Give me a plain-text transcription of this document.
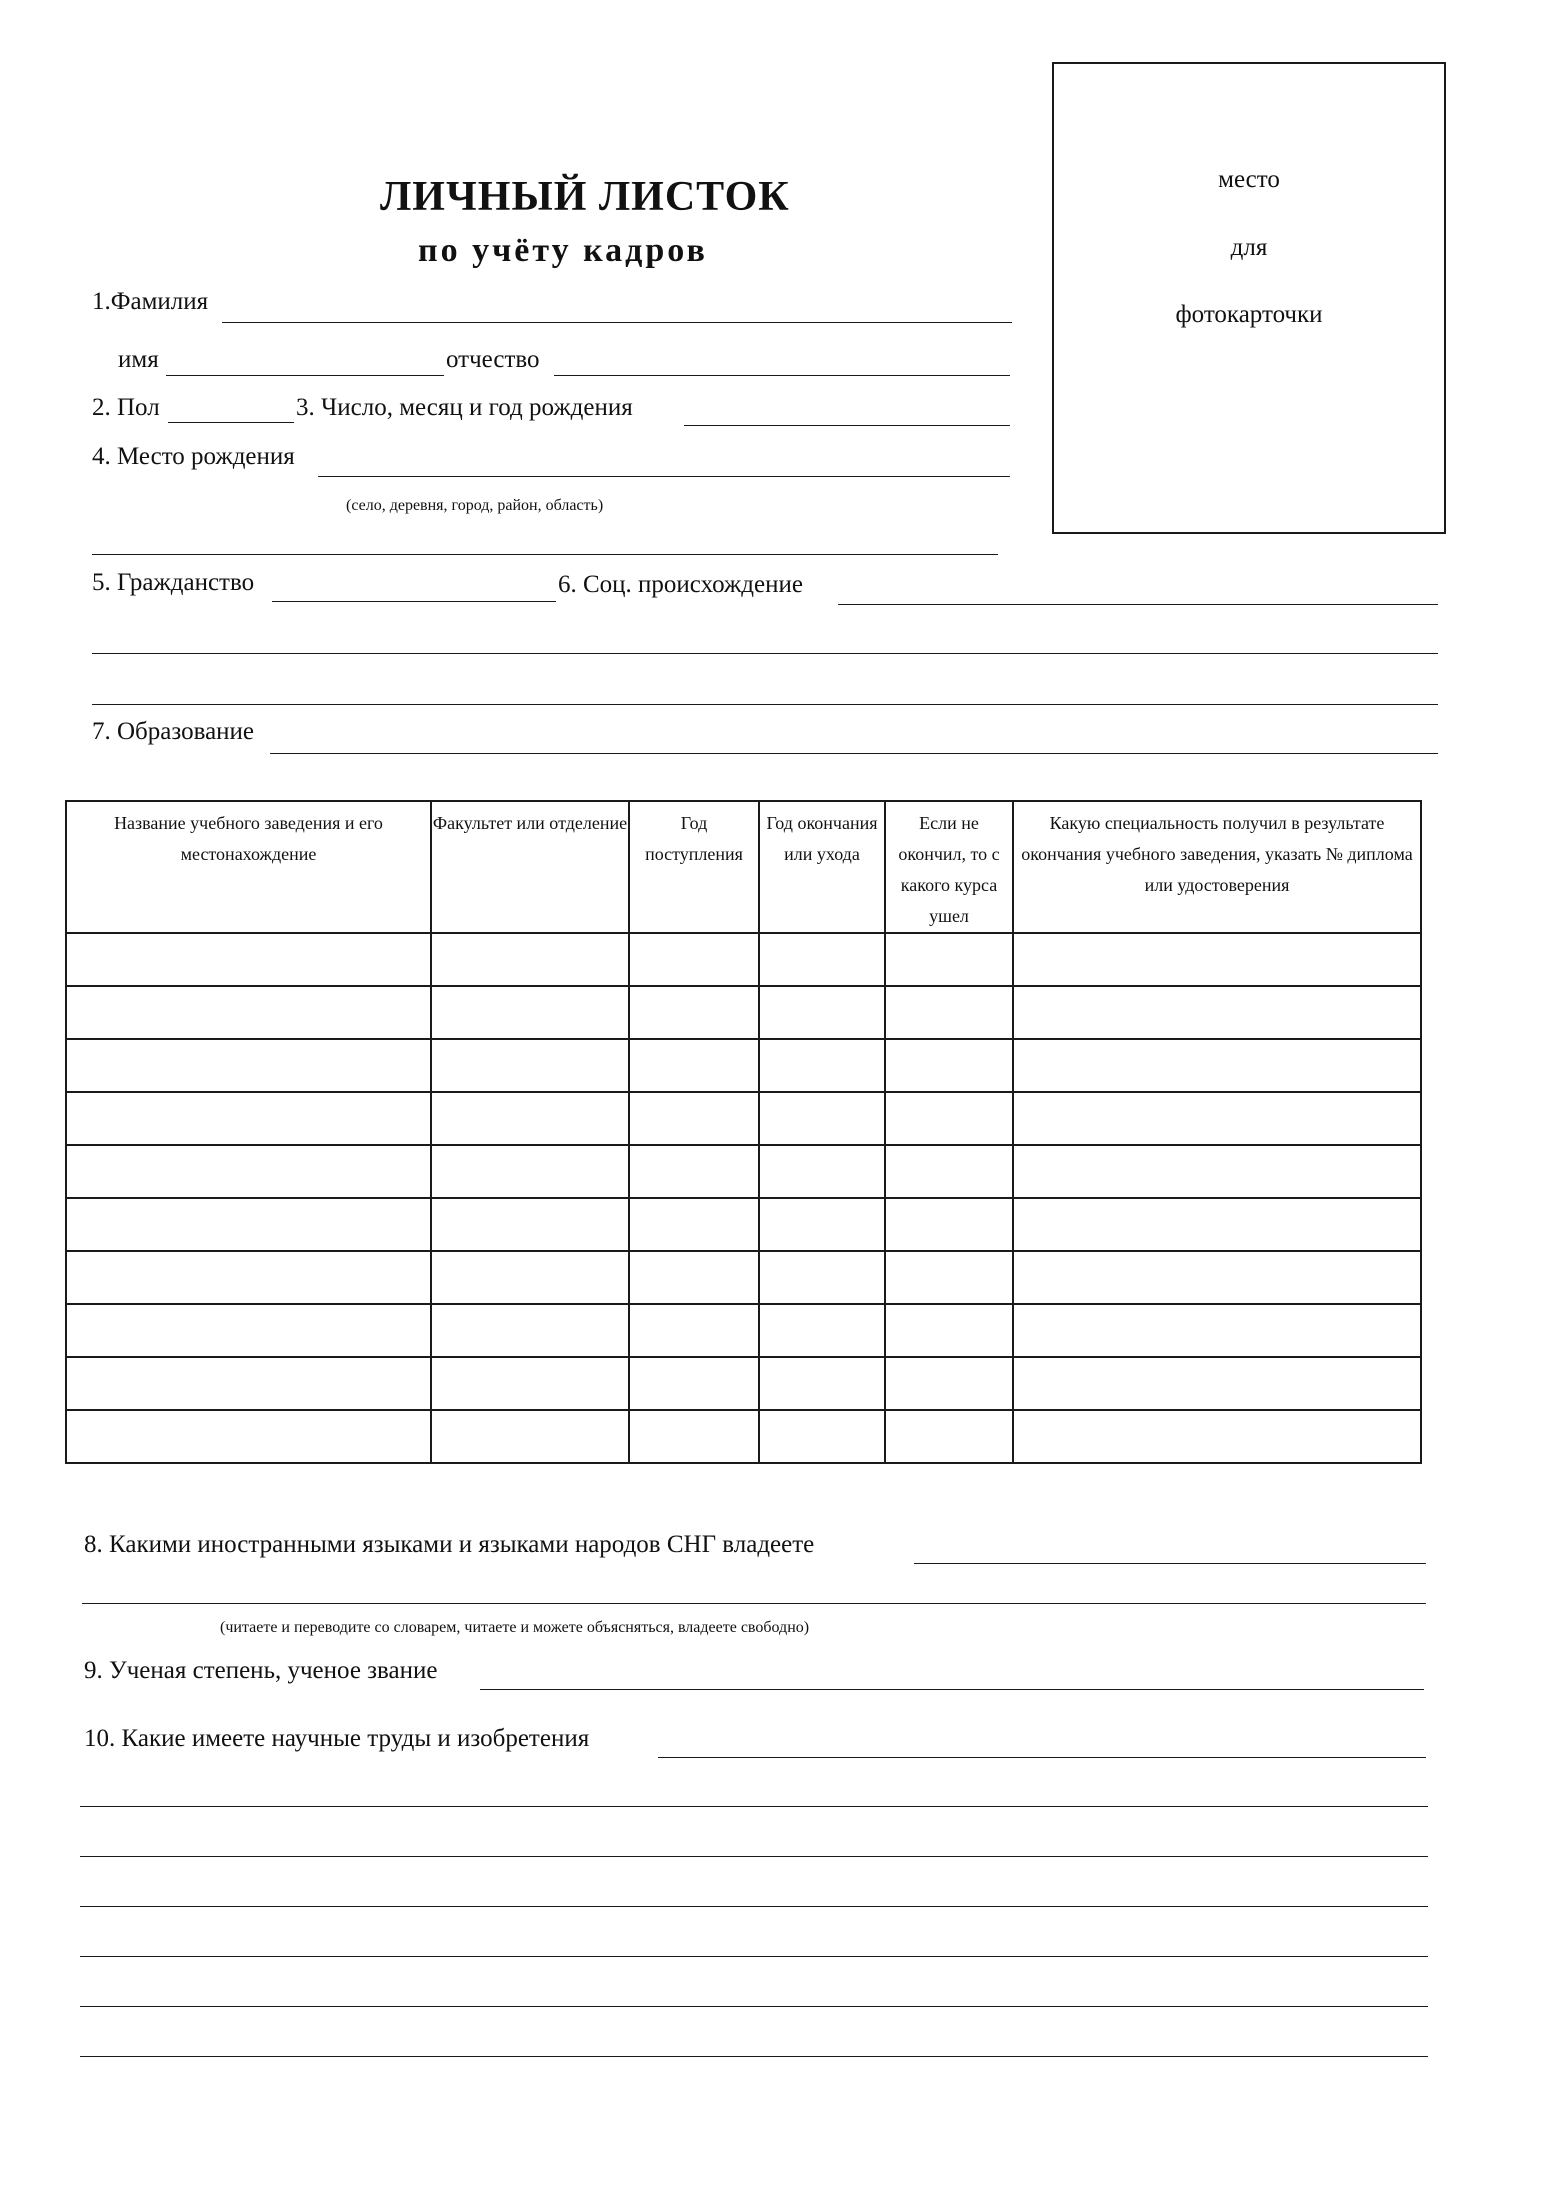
ЛИЧНЫЙ ЛИСТОК
по учёту кадров
место
для
фотокарточки
1.Фамилия
имя	отчество
2. Пол	3. Число, месяц и год рождения
4. Место рождения
(село, деревня, город, район, область)
5. Гражданство	6. Соц. происхождение
7. Образование
Название учебного заведения и его местонахождение	Факультет или отделение	Год поступления	Год окончания или ухода	Если не окончил, то с какого курса ушел	Какую специальность получил в результате окончания учебного заведения, указать № диплома или удостоверения

8. Какими иностранными языками и языками народов СНГ владеете
(читаете и переводите со словарем, читаете и можете объясняться, владеете свободно)
9. Ученая степень, ученое звание
10. Какие имеете научные труды и изобретения
